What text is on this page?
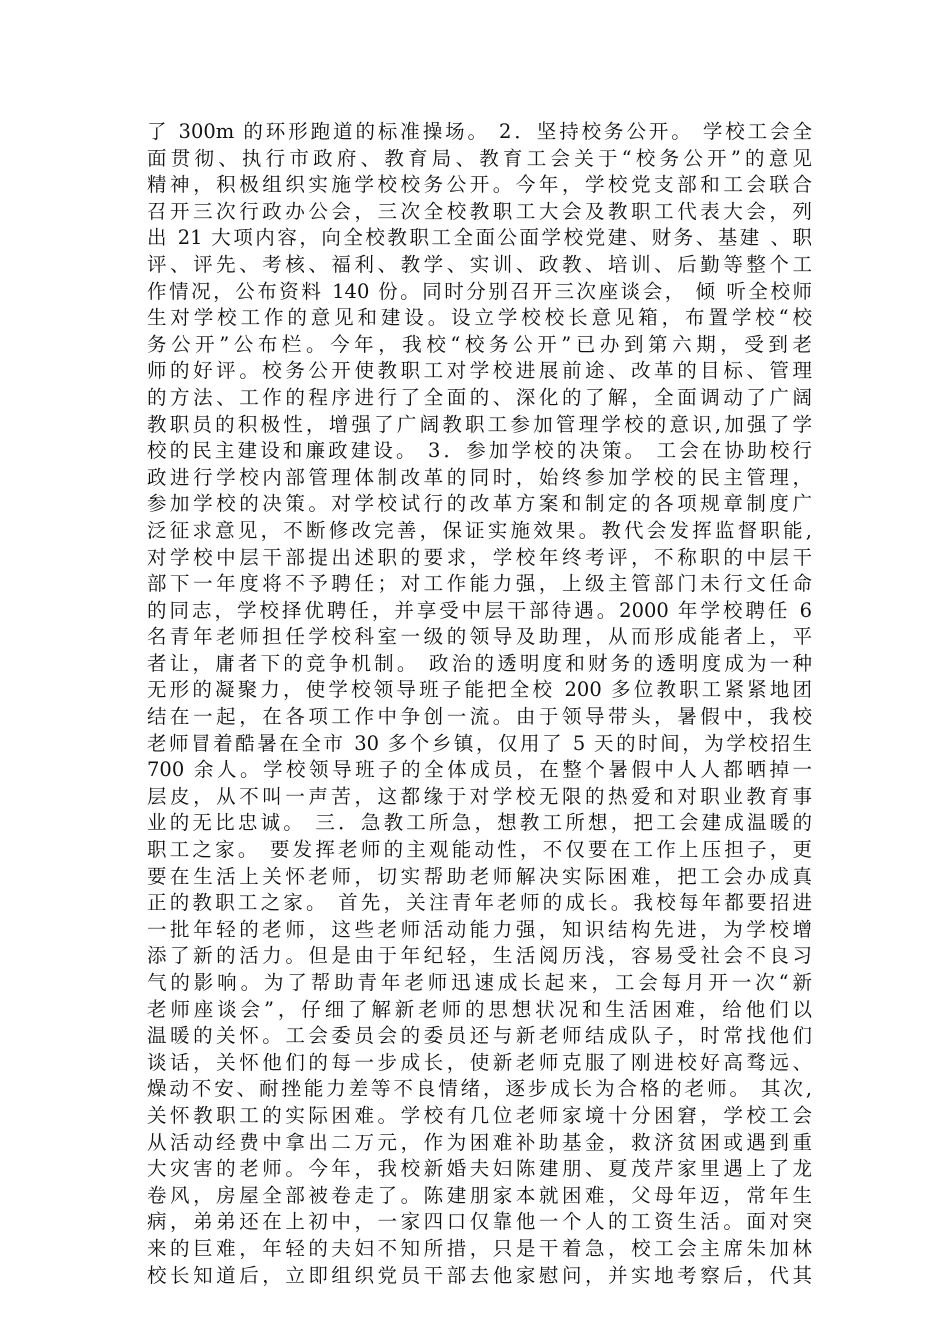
了 300m 的环形跑道的标准操场。 2．坚持校务公开。 学校工会全
面贯彻、执行市政府、教育局、教育工会关于“校务公开”的意见
精神，积极组织实施学校校务公开。今年，学校党支部和工会联合
召开三次行政办公会，三次全校教职工大会及教职工代表大会，列
出 21 大项内容，向全校教职工全面公面学校党建、财务、基建 、职
评、评先、考核、福利、教学、实训、政教、培训、后勤等整个工
作情况，公布资料 140 份。同时分别召开三次座谈会， 倾 听全校师
生对学校工作的意见和建设。设立学校校长意见箱，布置学校“校
务公开”公布栏。今年，我校“校务公开”已办到第六期，受到老
师的好评。校务公开使教职工对学校进展前途、改革的目标、管理
的方法、工作的程序进行了全面的、深化的了解，全面调动了广阔
教职员的积极性，增强了广阔教职工参加管理学校的意识,加强了学
校的民主建设和廉政建设。 3．参加学校的决策。 工会在协助校行
政进行学校内部管理体制改革的同时，始终参加学校的民主管理，
参加学校的决策。对学校试行的改革方案和制定的各项规章制度广
泛征求意见，不断修改完善，保证实施效果。教代会发挥监督职能,
对学校中层干部提出述职的要求，学校年终考评，不称职的中层干
部下一年度将不予聘任；对工作能力强，上级主管部门未行文任命
的同志，学校择优聘任，并享受中层干部待遇。2000 年学校聘任 6
名青年老师担任学校科室一级的领导及助理，从而形成能者上，平
者让，庸者下的竞争机制。 政治的透明度和财务的透明度成为一种
无形的凝聚力，使学校领导班子能把全校 200 多位教职工紧紧地团
结在一起，在各项工作中争创一流。由于领导带头，暑假中，我校
老师冒着酷暑在全市 30 多个乡镇，仅用了 5 天的时间，为学校招生
700 余人。学校领导班子的全体成员，在整个暑假中人人都晒掉一
层皮，从不叫一声苦，这都缘于对学校无限的热爱和对职业教育事
业的无比忠诚。 三．急教工所急，想教工所想，把工会建成温暖的
职工之家。 要发挥老师的主观能动性，不仅要在工作上压担子，更
要在生活上关怀老师，切实帮助老师解决实际困难，把工会办成真
正的教职工之家。 首先，关注青年老师的成长。我校每年都要招进
一批年轻的老师，这些老师活动能力强，知识结构先进，为学校增
添了新的活力。但是由于年纪轻，生活阅历浅，容易受社会不良习
气的影响。为了帮助青年老师迅速成长起来，工会每月开一次“新
老师座谈会”，仔细了解新老师的思想状况和生活困难，给他们以
温暖的关怀。工会委员会的委员还与新老师结成队子，时常找他们
谈话，关怀他们的每一步成长，使新老师克服了刚进校好高骛远、
燥动不安、耐挫能力差等不良情绪，逐步成长为合格的老师。 其次,
关怀教职工的实际困难。学校有几位老师家境十分困窘，学校工会
从活动经费中拿出二万元，作为困难补助基金，救济贫困或遇到重
大灾害的老师。今年，我校新婚夫妇陈建朋、夏茂芹家里遇上了龙
卷风，房屋全部被卷走了。陈建朋家本就困难，父母年迈，常年生
病，弟弟还在上初中，一家四口仅靠他一个人的工资生活。面对突
来的巨难，年轻的夫妇不知所措，只是干着急，校工会主席朱加林
校长知道后，立即组织党员干部去他家慰问，并实地考察后，代其
